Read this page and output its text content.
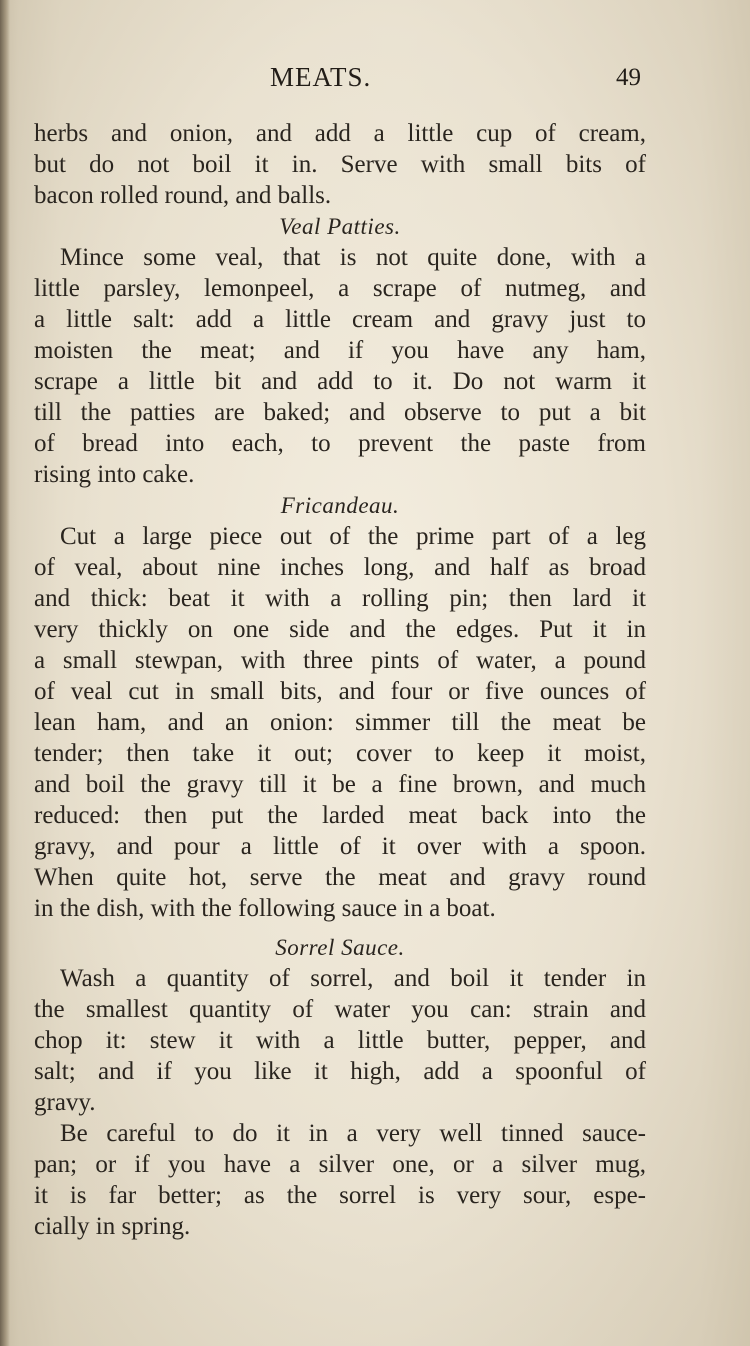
MEATS.	49
herbs and onion, and add a little cup of cream,
but do not boil it in. Serve with small bits of
bacon rolled round, and balls.
Veal Patties.
Mince some veal, that is not quite done, with a
little parsley, lemonpeel, a scrape of nutmeg, and
a little salt: add a little cream and gravy just to
moisten the meat; and if you have any ham,
scrape a little bit and add to it. Do not warm it
till the patties are baked; and observe to put a bit
of bread into each, to prevent the paste from
rising into cake.
Fricandeau.
Cut a large piece out of the prime part of a leg
of veal, about nine inches long, and half as broad
and thick: beat it with a rolling pin; then lard it
very thickly on one side and the edges. Put it in
a small stewpan, with three pints of water, a pound
of veal cut in small bits, and four or five ounces of
lean ham, and an onion: simmer till the meat be
tender; then take it out; cover to keep it moist,
and boil the gravy till it be a fine brown, and much
reduced: then put the larded meat back into the
gravy, and pour a little of it over with a spoon.
When quite hot, serve the meat and gravy round
in the dish, with the following sauce in a boat.
Sorrel Sauce.
Wash a quantity of sorrel, and boil it tender in
the smallest quantity of water you can: strain and
chop it: stew it with a little butter, pepper, and
salt; and if you like it high, add a spoonful of
gravy.
Be careful to do it in a very well tinned sauce-
pan; or if you have a silver one, or a silver mug,
it is far better; as the sorrel is very sour, espe-
cially in spring.
